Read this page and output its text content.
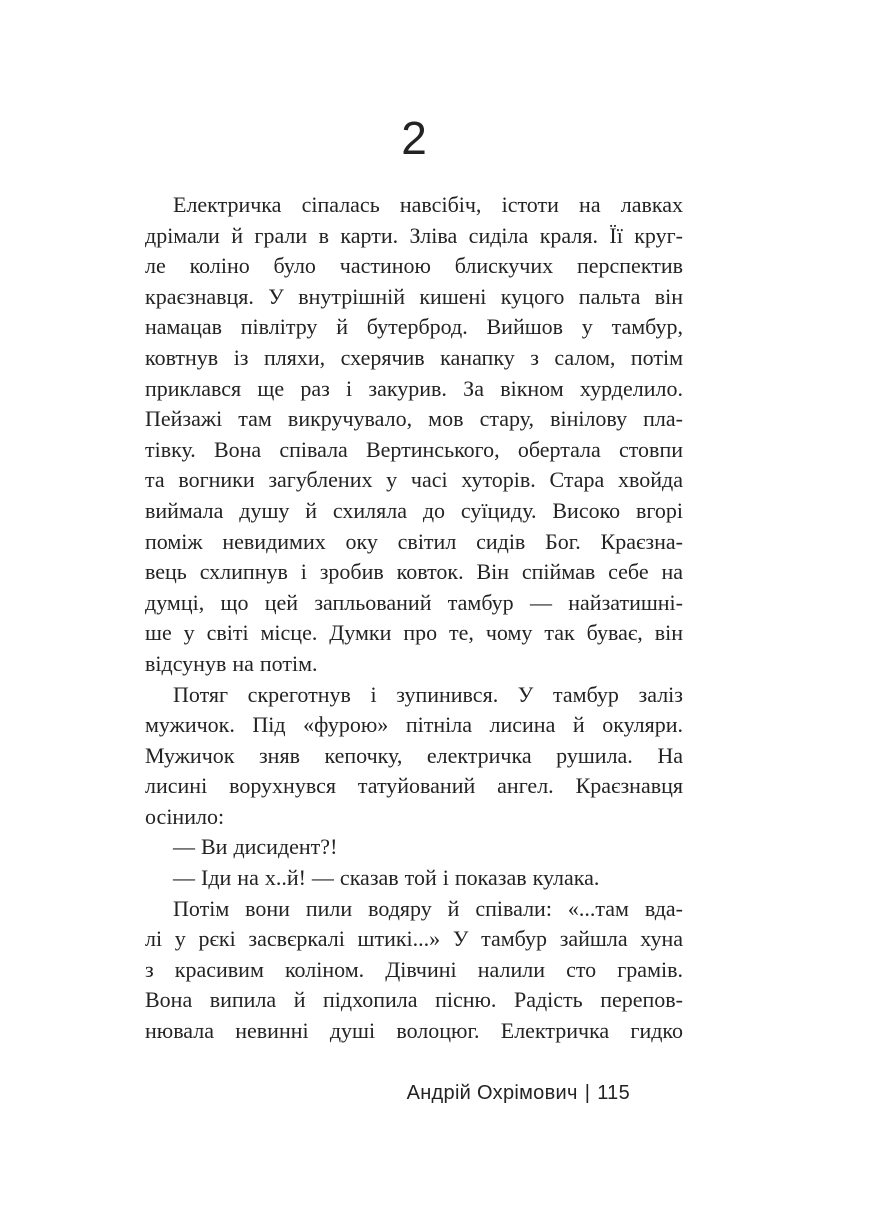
2
Електричка сіпалась навсібіч, істоти на лавках
дрімали й грали в карти. Зліва сиділа краля. Її круг-
ле коліно було частиною блискучих перспектив
краєзнавця. У внутрішній кишені куцого пальта він
намацав півлітру й бутерброд. Вийшов у тамбур,
ковтнув із пляхи, схерячив канапку з салом, потім
приклався ще раз і закурив. За вікном хурделило.
Пейзажі там викручувало, мов стару, вінілову пла-
тівку. Вона співала Вертинського, обертала стовпи
та вогники загублених у часі хуторів. Стара хвойда
виймала душу й схиляла до суїциду. Високо вгорі
поміж невидимих оку світил сидів Бог. Краєзна-
вець схлипнув і зробив ковток. Він спіймав себе на
думці, що цей запльований тамбур — найзатишні-
ше у світі місце. Думки про те, чому так буває, він
відсунув на потім.
Потяг скреготнув і зупинився. У тамбур заліз
мужичок. Під «фурою» пітніла лисина й окуляри.
Мужичок зняв кепочку, електричка рушила. На
лисині ворухнувся татуйований ангел. Краєзнавця
осінило:
— Ви дисидент?!
— Іди на х..й! — сказав той і показав кулака.
Потім вони пили водяру й співали: «...там вда-
лі у рєкі засвєркалі штикі...» У тамбур зайшла хуна
з красивим коліном. Дівчині налили сто грамів.
Вона випила й підхопила пісню. Радість перепов-
нювала невинні душі волоцюг. Електричка гидко
Андрій Охрімович | 115
